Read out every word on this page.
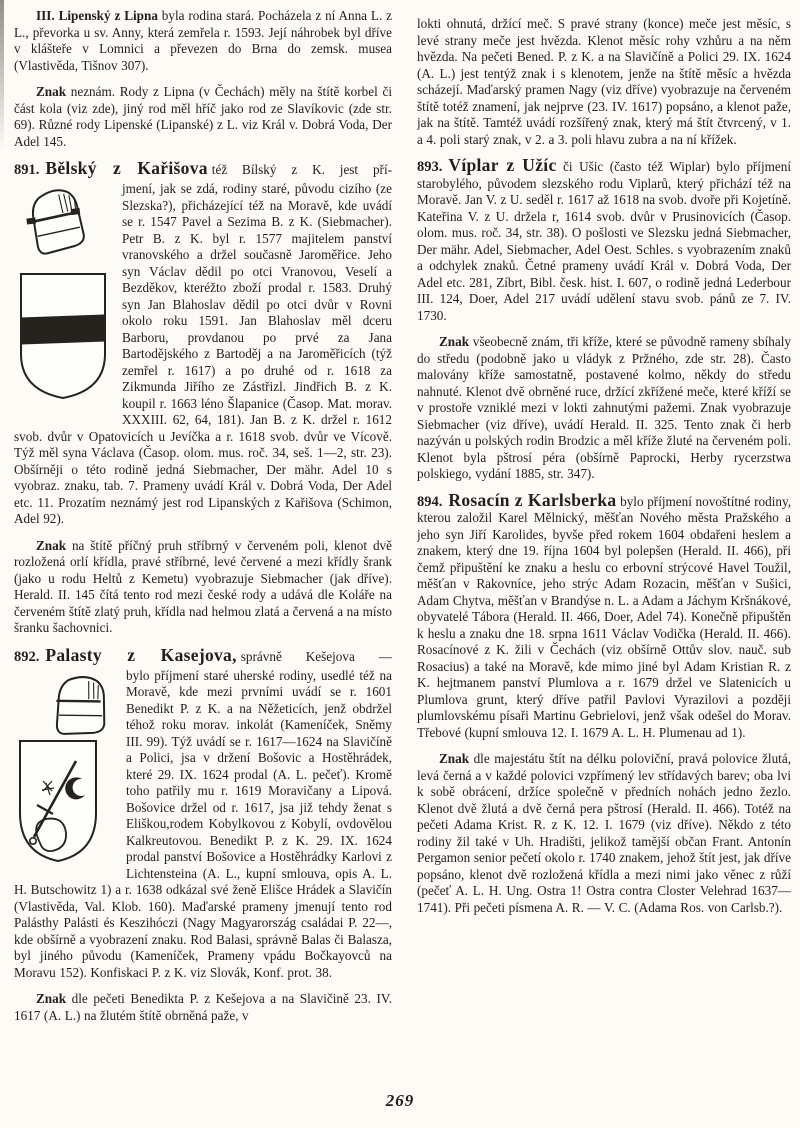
III. Lipenský z Lipna byla rodina stará. Pocházela z ní Anna L. z L., převorka u sv. Anny, která zemřela r. 1593. Její náhrobek byl dříve v klášteře v Lomnici a převezen do Brna do zemsk. musea (Vlastivěda, Tišnov 307).

Znak neznám. Rody z Lipna (v Čechách) měly na štítě korbel či část kola (viz zde), jiný rod měl hříč jako rod ze Slavíkovic (zde str. 69). Různé rody Lipenské (Lipanské) z L. viz Král v. Dobrá Voda, Der Adel 145.

891. Bělský z Kařišova též Bílský z K. jest pří-

jmení, jak se zdá, rodiny staré, původu cizího (ze Slezska?), přicházející též na Moravě, kde uvádí se r. 1547 Pavel a Sezima B. z K. (Siebmacher). Petr B. z K. byl r. 1577 majitelem panství vranovského a držel současně Jaroměřice. Jeho syn Václav dědil po otci Vranovou, Veselí a Bezděkov, kteréžto zboží prodal r. 1583. Druhý syn Jan Blahoslav dědil po otci dvůr v Rovni okolo roku 1591. Jan Blahoslav měl dceru Barboru, provdanou po prvé za Jana Bartodějského z Bartoděj a na Jaroměřicích (týž zemřel r. 1617) a po druhé od r. 1618 za Zikmunda Jiřího ze Zástřizl. Jindřich B. z K. koupil r. 1663 léno Šlapanice (Časop. Mat. morav. XXXIII. 62, 64, 181). Jan B. z K. držel r. 1612 svob. dvůr v Opatovicích u Jevíčka a r. 1618 svob. dvůr ve Vícově. Týž měl syna Václava (Časop. olom. mus. roč. 34, seš. 1—2, str. 23). Obšírněji o této rodině jedná Siebmacher, Der mähr. Adel 10 s vyobraz. znaku, tab. 7. Prameny uvádí Král v. Dobrá Voda, Der Adel etc. 11. Prozatím neznámý jest rod Lipanských z Kařišova (Schimon, Adel 92).

Znak na štítě příčný pruh stříbrný v červeném poli, klenot dvě rozložená orlí křídla, pravé stříbrné, levé červené a mezi křídly šrank (jako u rodu Heltů z Kemetu) vyobrazuje Siebmacher (jak dříve). Herald. II. 145 čítá tento rod mezi české rody a udává dle Koláře na červeném štítě zlatý pruh, křídla nad helmou zlatá a červená a na místo šranku šachovnici.

892. Palasty z Kasejova, správně Kešejova —

bylo příjmení staré uherské rodiny, usedlé též na Moravě, kde mezi prvními uvádí se r. 1601 Benedikt P. z K. a na Něžeticích, jenž obdržel téhož roku morav. inkolát (Kameníček, Sněmy III. 99). Týž uvádí se r. 1617—1624 na Slavičíně a Polici, jsa v držení Bošovic a Hostěhrádek, které 29. IX. 1624 prodal (A. L. pečeť). Kromě toho patřily mu r. 1619 Moravičany a Lipová. Bošovice držel od r. 1617, jsa již tehdy ženat s Eliškou,rodem Kobylkovou z Kobylí, ovdovělou Kalkreutovou. Benedikt P. z K. 29. IX. 1624 prodal panství Bošovice a Hostěhrádky Karlovi z Lichtensteina (A. L., kupní smlouva, opis A. L. H. Butschowitz 1) a r. 1638 odkázal své ženě Elišce Hrádek a Slavičín (Vlastivěda, Val. Klob. 160). Maďarské prameny jmenují tento rod Palásthy Palásti és Keszihóczi (Nagy Magyarország családai P. 22—, kde obšírně a vyobrazení znaku. Rod Balasi, správně Balas či Balasza, byl jiného původu (Kameníček, Prameny vpádu Bočkayovců na Moravu 152). Konfiskaci P. z K. viz Slovák, Konf. prot. 38.

Znak dle pečeti Benedikta P. z Kešejova a na Slavičině 23. IV. 1617 (A. L.) na žlutém štítě obrněná paže, v

lokti ohnutá, držící meč. S pravé strany (konce) meče jest měsíc, s levé strany meče jest hvězda. Klenot měsíc rohy vzhůru a na něm hvězda. Na pečeti Bened. P. z K. a na Slavičíně a Polici 29. IX. 1624 (A. L.) jest tentýž znak i s klenotem, jenže na štítě měsíc a hvězda scházejí. Maďarský pramen Nagy (viz dříve) vyobrazuje na červeném štítě totéž znamení, jak nejprve (23. IV. 1617) popsáno, a klenot paže, jak na štítě. Tamtéž uvádí rozšířený znak, který má štít čtvrcený, v 1. a 4. poli starý znak, v 2. a 3. poli hlavu zubra a na ní křížek.

893. Víplar z Užíc či Ušic (často též Wiplar) bylo příjmení starobylého, původem slezského rodu Viplarů, který přichází též na Moravě. Jan V. z U. seděl r. 1617 až 1618 na svob. dvoře při Kojetíně. Kateřina V. z U. držela r, 1614 svob. dvůr v Prusinovicích (Časop. olom. mus. roč. 34, str. 38). O pošlosti ve Slezsku jedná Siebmacher, Der mähr. Adel, Siebmacher, Adel Oest. Schles. s vyobrazením znaků a odchylek znaků. Četné prameny uvádí Král v. Dobrá Voda, Der Adel etc. 281, Zíbrt, Bibl. česk. hist. I. 607, o rodině jedná Lederbour III. 124, Doer, Adel 217 uvádí udělení stavu svob. pánů ze 7. IV. 1730.

Znak všeobecně znám, tři kříže, které se původně rameny sbíhaly do středu (podobně jako u vládyk z Pržného, zde str. 28). Často malovány kříže samostatně, postavené kolmo, někdy do středu nahnuté. Klenot dvě obrněné ruce, držící zkřížené meče, které kříží se v prostoře vzniklé mezi v lokti zahnutými pažemi. Znak vyobrazuje Siebmacher (viz dříve), uvádí Herald. II. 325. Tento znak či herb nazýván u polských rodin Brodzic a měl kříže žluté na červeném poli. Klenot byla pštrosí péra (obšírně Paprocki, Herby rycerzstwa polskiego, vydání 1885, str. 347).

894. Rosacín z Karlsberka bylo příjmení novoštítné rodiny, kterou založil Karel Mělnický, měšťan Nového města Pražského a jeho syn Jiří Karolides, byvše před rokem 1604 obdařeni heslem a znakem, který dne 19. října 1604 byl polepšen (Herald. II. 466), při čemž připuštění ke znaku a heslu co erbovní strýcové Havel Toužil, měšťan v Rakovníce, jeho strýc Adam Rozacin, měšťan v Sušici, Adam Chytva, měšťan v Brandýse n. L. a Adam a Jáchym Kršnákové, obyvatelé Tábora (Herald. II. 466, Doer, Adel 74). Konečně připuštěn k heslu a znaku dne 18. srpna 1611 Václav Vodička (Herald. II. 466). Rosacínové z K. žili v Čechách (viz obšírně Ottův slov. nauč. sub Rosacius) a také na Moravě, kde mimo jiné byl Adam Kristian R. z K. hejtmanem panství Plumlova a r. 1679 držel ve Slatenicích u Plumlova grunt, který dříve patřil Pavlovi Vyrazilovi a později plumlovskému písaři Martinu Gebrielovi, jenž však odešel do Morav. Třebové (kupní smlouva 12. I. 1679 A. L. H. Plumenau ad 1).

Znak dle majestátu štít na délku poloviční, pravá polovice žlutá, levá černá a v každé polovici vzpřímený lev střídavých barev; oba lvi k sobě obrácení, držíce společně v předních nohách jedno žezlo. Klenot dvě žlutá a dvě černá pera pštrosí (Herald. II. 466). Totéž na pečeti Adama Krist. R. z K. 12. I. 1679 (viz dříve). Někdo z této rodiny žil také v Uh. Hradišti, jelikož tamější občan Frant. Antonín Pergamon senior pečetí okolo r. 1740 znakem, jehož štít jest, jak dříve popsáno, klenot dvě rozložená křídla a mezi nimi jako věnec z růží (pečeť A. L. H. Ung. Ostra 1! Ostra contra Closter Velehrad 1637—1741). Při pečeti písmena A. R. — V. C. (Adama Ros. von Carlsb.?).

269
